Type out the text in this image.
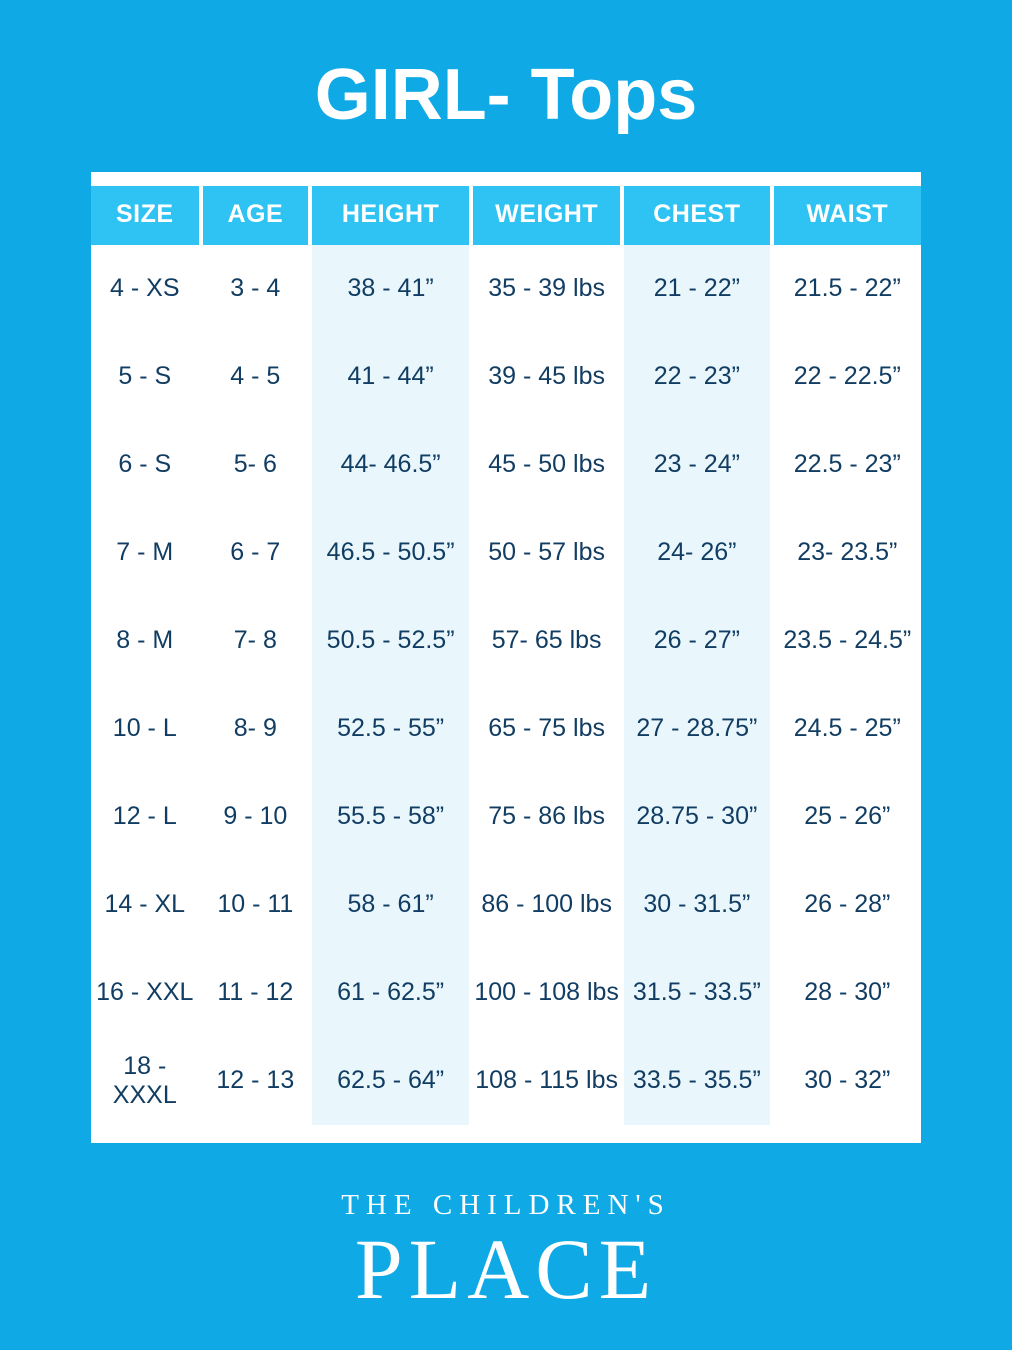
GIRL- Tops
SIZE	AGE	HEIGHT	WEIGHT	CHEST	WAIST
4 - XS	3 - 4	38 - 41”	35 - 39 lbs	21 - 22”	21.5 - 22”
5 - S	4 - 5	41 - 44”	39 - 45 lbs	22 - 23”	22 - 22.5”
6 - S	5- 6	44- 46.5”	45 - 50 lbs	23 - 24”	22.5 - 23”
7 - M	6 - 7	46.5 - 50.5”	50 - 57 lbs	24- 26”	23- 23.5”
8 - M	7- 8	50.5 - 52.5”	57- 65 lbs	26 - 27”	23.5 - 24.5”
10 - L	8- 9	52.5 - 55”	65 - 75 lbs	27 - 28.75”	24.5 - 25”
12 - L	9 - 10	55.5 - 58”	75 - 86 lbs	28.75 - 30”	25 - 26”
14 - XL	10 - 11	58 - 61”	86 - 100 lbs	30 - 31.5”	26 - 28”
16 - XXL	11 - 12	61 - 62.5”	100 - 108 lbs	31.5 - 33.5”	28 - 30”
18 - XXXL	12 - 13	62.5 - 64”	108 - 115 lbs	33.5 - 35.5”	30 - 32”
THE CHILDREN'S
PLACE
